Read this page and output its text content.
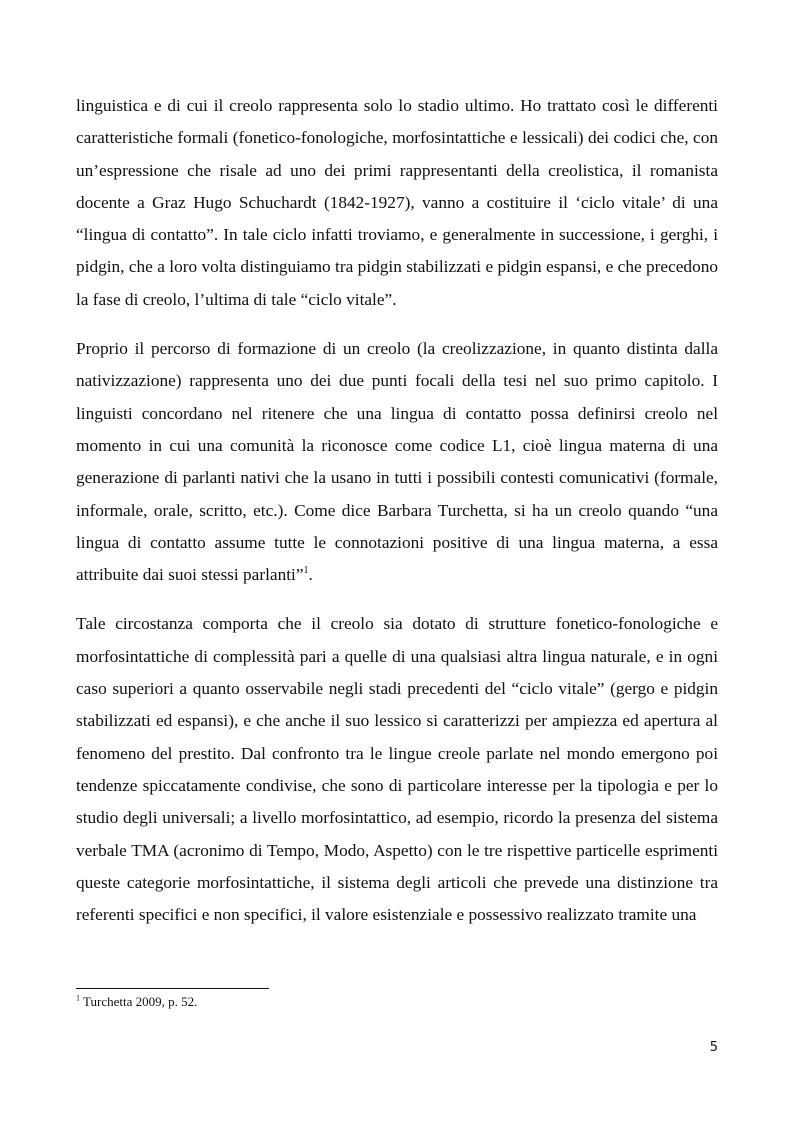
linguistica e di cui il creolo rappresenta solo lo stadio ultimo. Ho trattato così le differenti caratteristiche formali (fonetico-fonologiche, morfosintattiche e lessicali) dei codici che, con un’espressione che risale ad uno dei primi rappresentanti della creolistica, il romanista docente a Graz Hugo Schuchardt (1842-1927), vanno a costituire il ‘ciclo vitale’ di una “lingua di contatto”. In tale ciclo infatti troviamo, e generalmente in successione, i gerghi, i pidgin, che a loro volta distinguiamo tra pidgin stabilizzati e pidgin espansi, e che precedono la fase di creolo, l’ultima di tale “ciclo vitale”.

Proprio il percorso di formazione di un creolo (la creolizzazione, in quanto distinta dalla nativizzazione) rappresenta uno dei due punti focali della tesi nel suo primo capitolo. I linguisti concordano nel ritenere che una lingua di contatto possa definirsi creolo nel momento in cui una comunità la riconosce come codice L1, cioè lingua materna di una generazione di parlanti nativi che la usano in tutti i possibili contesti comunicativi (formale, informale, orale, scritto, etc.). Come dice Barbara Turchetta, si ha un creolo quando “una lingua di contatto assume tutte le connotazioni positive di una lingua materna, a essa attribuite dai suoi stessi parlanti”$^1$.

Tale circostanza comporta che il creolo sia dotato di strutture fonetico-fonologiche e morfosintattiche di complessità pari a quelle di una qualsiasi altra lingua naturale, e in ogni caso superiori a quanto osservabile negli stadi precedenti del “ciclo vitale” (gergo e pidgin stabilizzati ed espansi), e che anche il suo lessico si caratterizzi per ampiezza ed apertura al fenomeno del prestito. Dal confronto tra le lingue creole parlate nel mondo emergono poi tendenze spiccatamente condivise, che sono di particolare interesse per la tipologia e per lo studio degli universali; a livello morfosintattico, ad esempio, ricordo la presenza del sistema verbale TMA (acronimo di Tempo, Modo, Aspetto) con le tre rispettive particelle esprimenti queste categorie morfosintattiche, il sistema degli articoli che prevede una distinzione tra referenti specifici e non specifici, il valore esistenziale e possessivo realizzato tramite una

$^1$ Turchetta 2009, p. 52.
5
